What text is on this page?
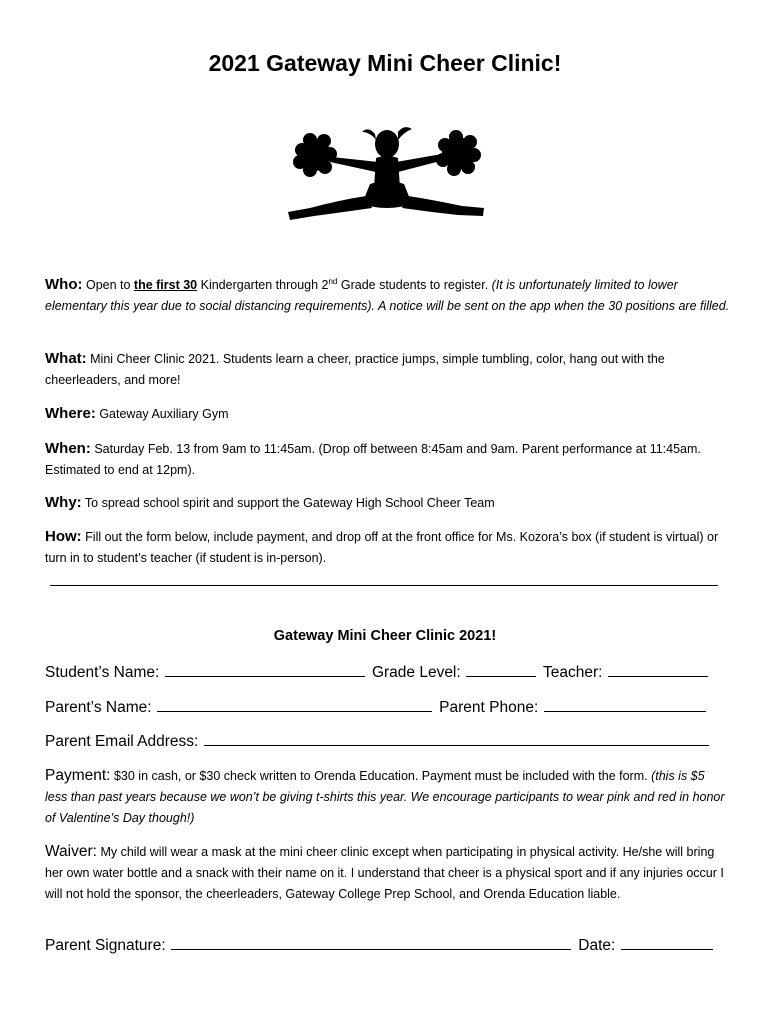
2021 Gateway Mini Cheer Clinic!
Who: Open to the first 30 Kindergarten through 2nd Grade students to register. (It is unfortunately limited to lower elementary this year due to social distancing requirements). A notice will be sent on the app when the 30 positions are filled.
What: Mini Cheer Clinic 2021. Students learn a cheer, practice jumps, simple tumbling, color, hang out with the cheerleaders, and more!
Where: Gateway Auxiliary Gym
When: Saturday Feb. 13 from 9am to 11:45am. (Drop off between 8:45am and 9am. Parent performance at 11:45am. Estimated to end at 12pm).
Why: To spread school spirit and support the Gateway High School Cheer Team
How: Fill out the form below, include payment, and drop off at the front office for Ms. Kozora’s box (if student is virtual) or turn in to student’s teacher (if student is in-person).
Gateway Mini Cheer Clinic 2021!
Student’s Name:	Grade Level:	Teacher:
Parent’s Name:	Parent Phone:
Parent Email Address:
Payment: $30 in cash, or $30 check written to Orenda Education. Payment must be included with the form. (this is $5 less than past years because we won’t be giving t-shirts this year. We encourage participants to wear pink and red in honor of Valentine’s Day though!)
Waiver: My child will wear a mask at the mini cheer clinic except when participating in physical activity. He/she will bring her own water bottle and a snack with their name on it. I understand that cheer is a physical sport and if any injuries occur I will not hold the sponsor, the cheerleaders, Gateway College Prep School, and Orenda Education liable.
Parent Signature:	Date:
